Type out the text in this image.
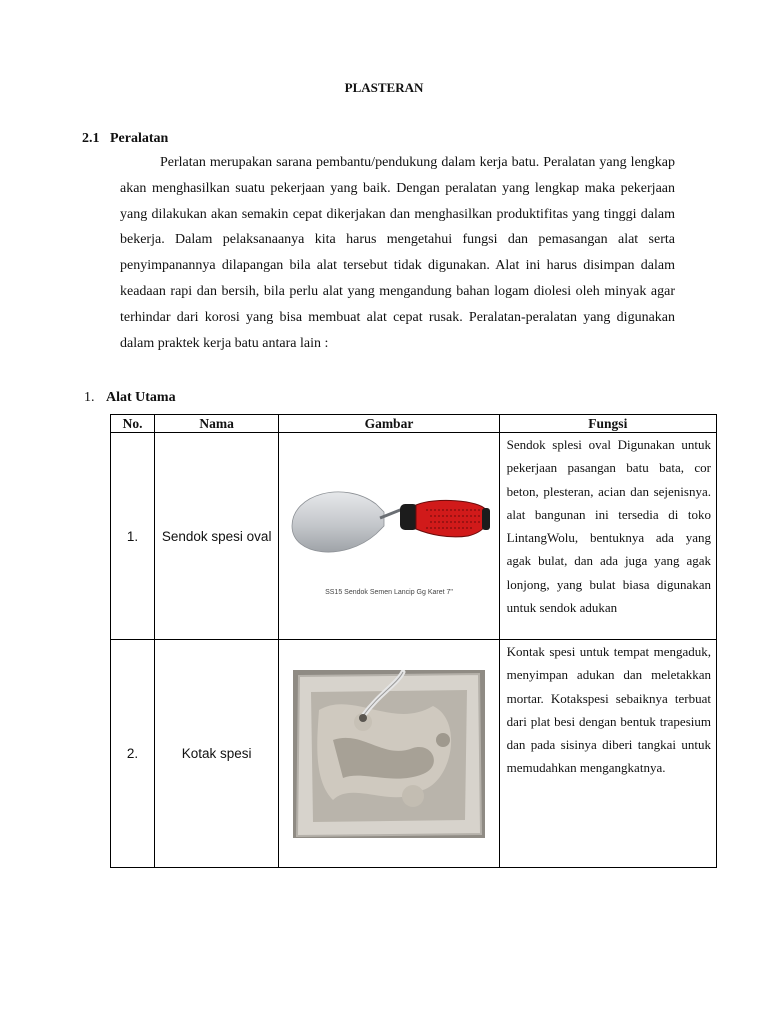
PLASTERAN
2.1 Peralatan

Perlatan merupakan sarana pembantu/pendukung dalam kerja batu. Peralatan yang lengkap akan menghasilkan suatu pekerjaan yang baik. Dengan peralatan yang lengkap maka pekerjaan yang dilakukan akan semakin cepat dikerjakan dan menghasilkan produktifitas yang tinggi dalam bekerja. Dalam pelaksanaanya kita harus mengetahui fungsi dan pemasangan alat serta penyimpanannya dilapangan bila alat tersebut tidak digunakan. Alat ini harus disimpan dalam keadaan rapi dan bersih, bila perlu alat yang mengandung bahan logam diolesi oleh minyak agar terhindar dari korosi yang bisa membuat alat cepat rusak. Peralatan-peralatan yang digunakan dalam praktek kerja batu antara lain :

1. Alat Utama
No.	Nama	Gambar	Fungsi
1.	Sendok spesi oval	SS15 Sendok Semen Lancip Gg Karet 7"	Sendok splesi oval Digunakan untuk pekerjaan pasangan batu bata, cor beton, plesteran, acian dan sejenisnya. alat bangunan ini tersedia di toko LintangWolu, bentuknya ada yang agak bulat, dan ada juga yang agak lonjong, yang bulat biasa digunakan untuk sendok adukan

2.	Kotak spesi		Kontak spesi untuk tempat mengaduk, menyimpan adukan dan meletakkan mortar. Kotakspesi sebaiknya terbuat dari plat besi dengan bentuk trapesium dan pada sisinya diberi tangkai untuk memudahkan mengangkatnya.
